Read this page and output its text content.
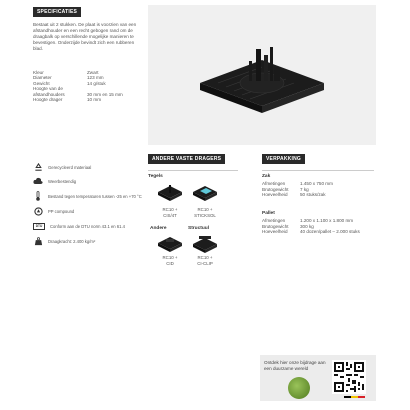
SPECIFICATIES
Bestaat uit 2 stukken. De plaat is voorzien van een afstandhouder en een recht gebogen rand om de draagbalk op verschillende mogelijke manieren te bevestigen. Onderzijde bevindt zich een rubberen blad.
Kleur	Zwart
Diameter	123 mm
Gewicht	14 g/stuk
Hoogte van de afstandhouders	30 mm en 15 mm
Hoogte drager	10 mm
Gerecycleerd materiaal
Weerbestendig
Bestand tegen temperaturen tussen -25 en +70 °C
PP compound
DTU	Conform aan de DTU norm 43.1 en 61.4
Draagkracht: 2.400 kg/m²
ANDERE VASTE DRAGERS
Tegels
RC10 +
CIS/4T
RC10 +
STICKSOL
Andere	Structuul
RC10 +
CID
RC10 +
CI-CLIP
VERPAKKING
Zak
Afmetingen	1.450 x 750 mm
Brutogewicht	7 kg
Hoeveelheid	50 stuks/zak
Pallet
Afmetingen	1.200 x 1.100 x 1.800 mm
Brutogewicht	300 kg
Hoeveelheid	40 dozen/pallet – 2.000 stuks
Ontdek hier onze bijdrage aan een duurzame wereld
